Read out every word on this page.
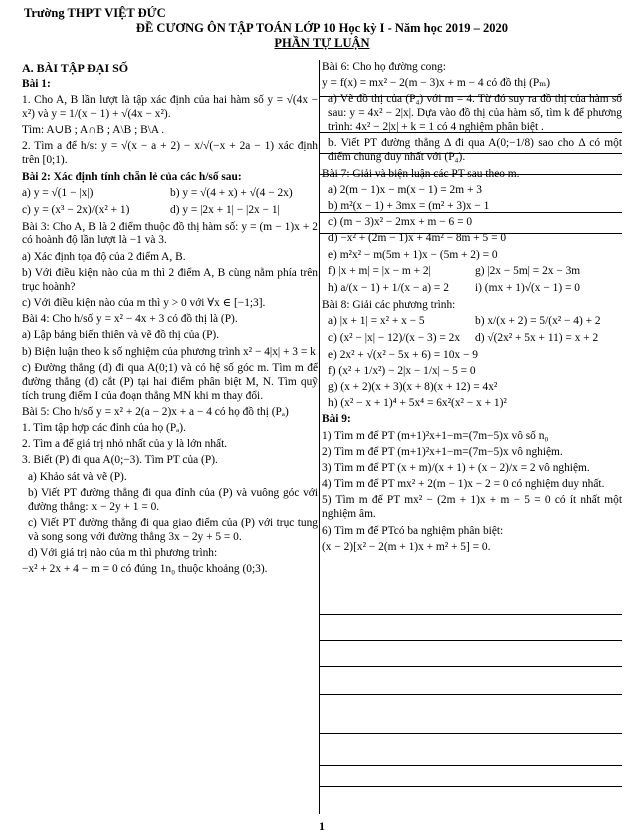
Trường THPT VIỆT ĐỨC
ĐỀ CƯƠNG ÔN TẬP TOÁN LỚP 10 Học kỳ I - Năm học 2019 – 2020
PHẦN TỰ LUẬN

A. BÀI TẬP ĐẠI SỐ

Bài 1:

1. Cho A, B lần lượt là tập xác định của hai hàm số y = √(4x − x²) và y = 1/(x − 1) + √(4x − x²).

Tìm: A∪B ; A∩B ; A\B ; B\A .

2. Tìm a để h/s: y = √(x − a + 2) − x/√(−x + 2a − 1) xác định trên [0;1).

Bài 2: Xác định tính chẵn lẻ của các h/số sau:

a) y = √(1 − |x|)	b) y = √(4 + x) + √(4 − 2x)
c) y = (x³ − 2x)/(x² + 1)	d) y = |2x + 1| − |2x − 1|

Bài 3: Cho A, B là 2 điểm thuộc đồ thị hàm số: y = (m − 1)x + 2 có hoành độ lần lượt là −1 và 3.

a) Xác định tọa độ của 2 điểm A, B.

b) Với điều kiện nào của m thì 2 điểm A, B cùng nằm phía trên trục hoành?

c) Với điều kiện nào của m thì y > 0 với ∀x ∈ [−1;3].

Bài 4: Cho h/số y = x² − 4x + 3 có đồ thị là (P).

a) Lập bảng biến thiên và vẽ đồ thị của (P).

b) Biện luận theo k số nghiệm của phương trình x² − 4|x| + 3 = k

c) Đường thẳng (d) đi qua A(0;1) và có hệ số góc m. Tìm m để đường thẳng (d) cắt (P) tại hai điểm phân biệt M, N. Tìm quỹ tích trung điểm I của đoạn thẳng MN khi m thay đổi.

Bài 5: Cho h/số y = x² + 2(a − 2)x + a − 4 có họ đồ thị (Pₐ)

1. Tìm tập hợp các đỉnh của họ (Pₐ).

2. Tìm a để giá trị nhỏ nhất của y là lớn nhất.

3. Biết (P) đi qua A(0;−3). Tìm PT của (P).

a) Khảo sát và vẽ (P).

b) Viết PT đường thẳng đi qua đỉnh của (P) và vuông góc với đường thẳng: x − 2y + 1 = 0.

c) Viết PT đường thẳng đi qua giao điểm của (P) với trục tung và song song với đường thẳng 3x − 2y + 5 = 0.

d) Với giá trị nào của m thì phương trình:

−x² + 2x + 4 − m = 0 có đúng 1n₀ thuộc khoảng (0;3).

Bài 6: Cho họ đường cong:

y = f(x) = mx² − 2(m − 3)x + m − 4 có đồ thị (Pₘ)

a) Vẽ đồ thị của (P₄) với m = 4. Từ đó suy ra đồ thị của hàm số sau: y = 4x² − 2|x|. Dựa vào đồ thị của hàm số, tìm k để phương trình: 4x² − 2|x| + k = 1 có 4 nghiệm phân biệt .

b. Viết PT đường thẳng Δ đi qua A(0;−1/8) sao cho Δ có một điểm chung duy nhất với (P₄).

Bài 7: Giải và biện luận các PT sau theo m.

a) 2(m − 1)x − m(x − 1) = 2m + 3

b) m²(x − 1) + 3mx = (m² + 3)x − 1

c) (m − 3)x² − 2mx + m − 6 = 0

d) −x² + (2m − 1)x + 4m² − 8m + 5 = 0

e) m²x² − m(5m + 1)x − (5m + 2) = 0

f) |x + m| = |x − m + 2|	g) |2x − 5m| = 2x − 3m
h) a/(x − 1) + 1/(x − a) = 2	i) (mx + 1)√(x − 1) = 0

Bài 8: Giải các phương trình:

a) |x + 1| = x² + x − 5	b) x/(x + 2) = 5/(x² − 4) + 2
c) (x² − |x| − 12)/(x − 3) = 2x	d) √(2x² + 5x + 11) = x + 2

e) 2x² + √(x² − 5x + 6) = 10x − 9

f) (x² + 1/x²) − 2|x − 1/x| − 5 = 0

g) (x + 2)(x + 3)(x + 8)(x + 12) = 4x²

h) (x² − x + 1)⁴ + 5x⁴ = 6x²(x² − x + 1)²

Bài 9:

1) Tìm m để PT (m+1)²x+1−m=(7m−5)x vô số n₀

2) Tìm m để PT (m+1)²x+1−m=(7m−5)x vô nghiệm.

3) Tìm m để PT (x + m)/(x + 1) + (x − 2)/x = 2 vô nghiệm.

4) Tìm m để PT mx² + 2(m − 1)x − 2 = 0 có nghiệm duy nhất.

5) Tìm m để PT mx² − (2m + 1)x + m − 5 = 0 có ít nhất một nghiệm âm.

6) Tìm m để PTcó ba nghiệm phân biệt:

(x − 2)[x² − 2(m + 1)x + m² + 5] = 0.

1
